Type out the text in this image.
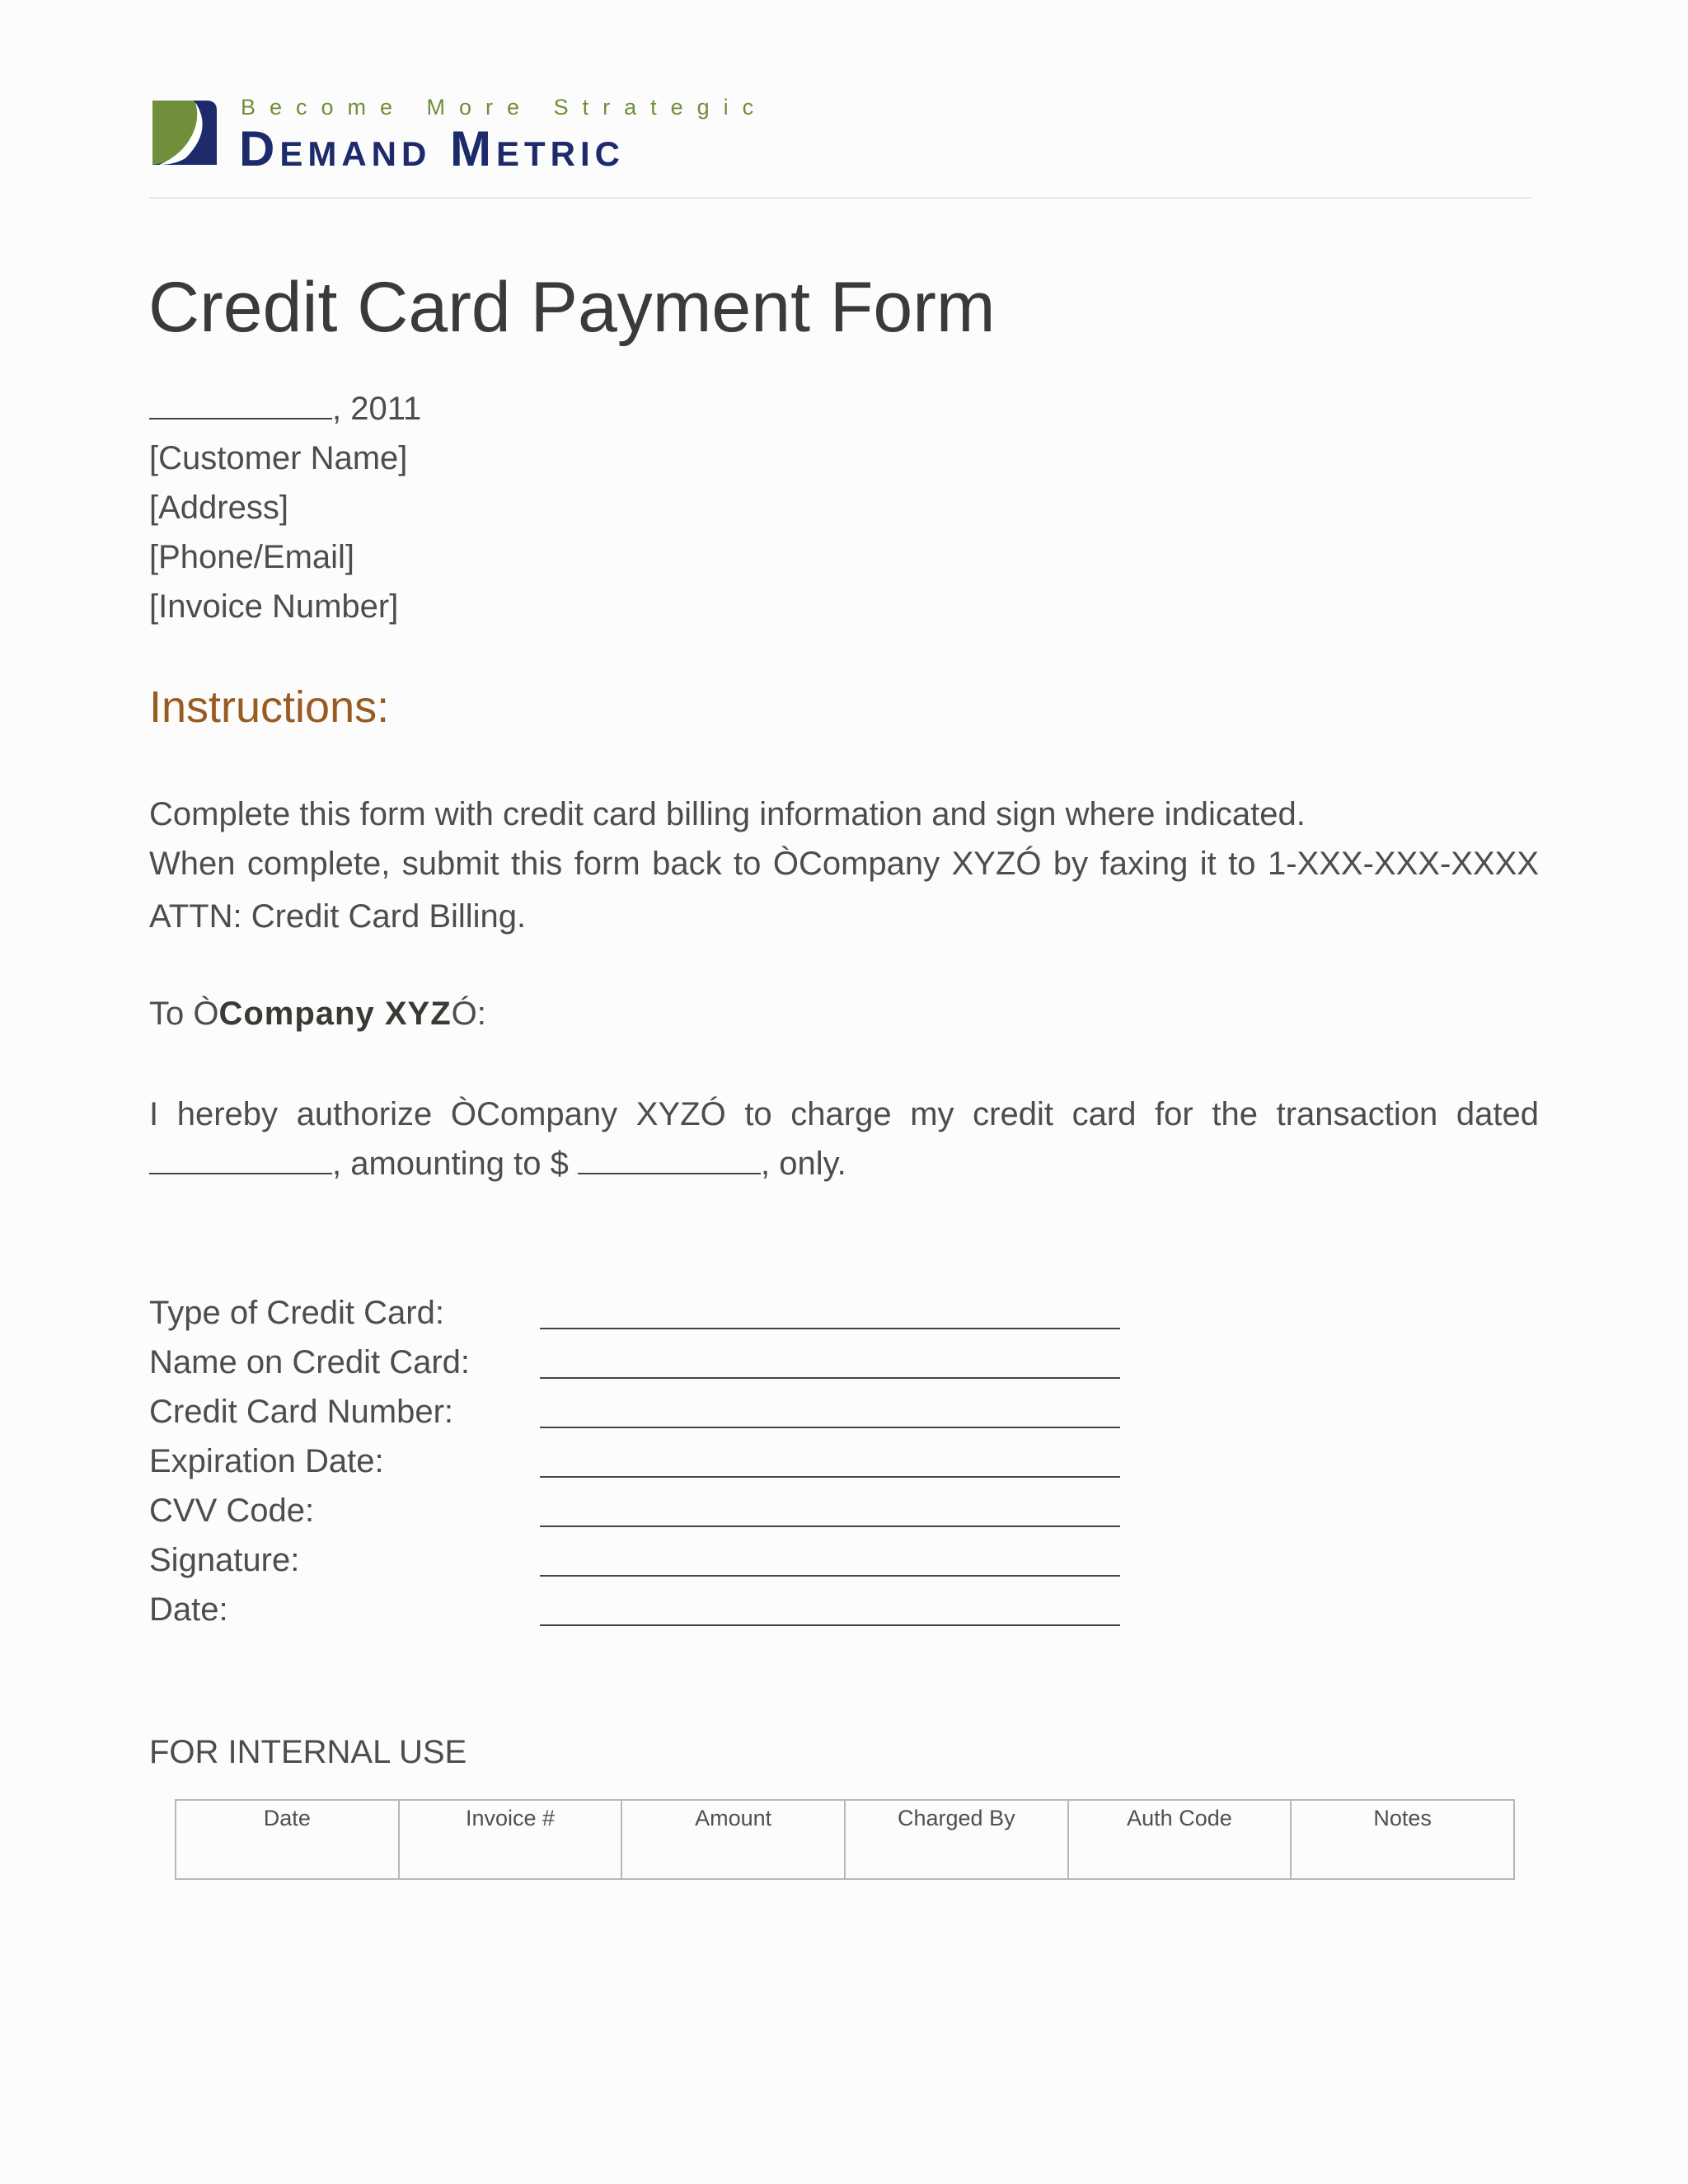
Become More Strategic
Demand Metric
Credit Card Payment Form
, 2011
[Customer Name]
[Address]
[Phone/Email]
[Invoice Number]
Instructions:
Complete this form with credit card billing information and sign where indicated.
When complete, submit this form back to ÒCompany XYZÓ by faxing it to 1-XXX-XXX-XXXX
ATTN: Credit Card Billing.
To ÒCompany XYZÓ:
I hereby authorize ÒCompany XYZÓ to charge my credit card for the transaction dated
, amounting to $	, only.
Type of Credit Card:
Name on Credit Card:
Credit Card Number:
Expiration Date:
CVV Code:
Signature:
Date:
FOR INTERNAL USE
Date	Invoice #	Amount	Charged By	Auth Code	Notes
